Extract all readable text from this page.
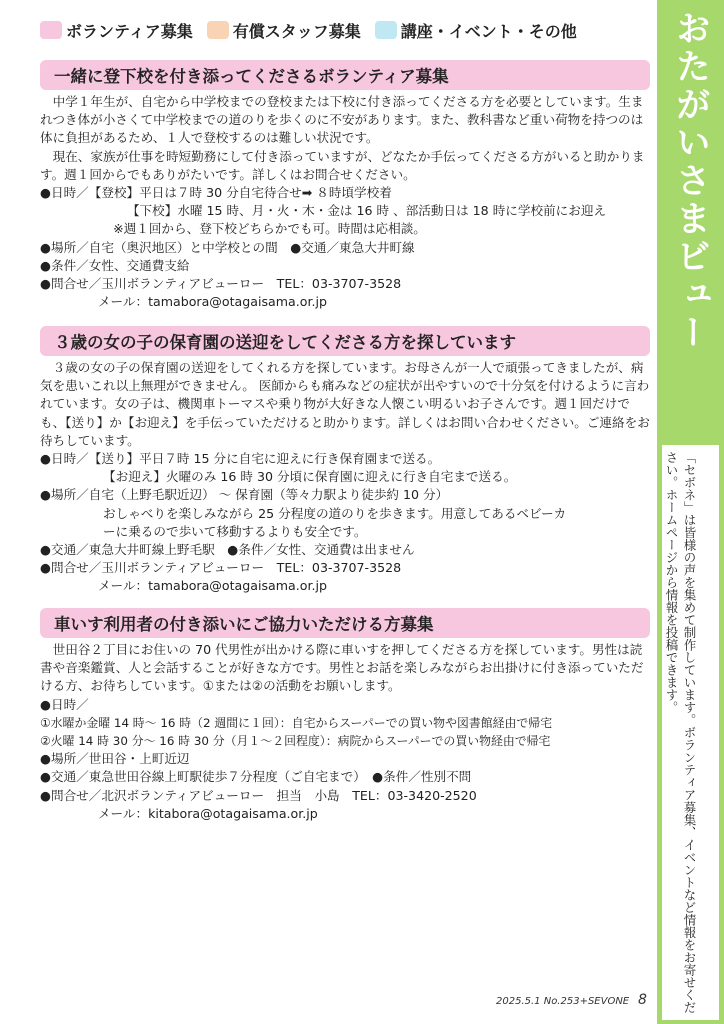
ボランティア募集	有償スタッフ募集	講座・イベント・その他	おたがいさまビュー
「セボネ」は皆様の声を集めて制作しています。ボランティア募集、イベントなど情報をお寄せください。ホームページから情報を投稿できます。
一緒に登下校を付き添ってくださるボランティア募集

中学１年生が、自宅から中学校までの登校または下校に付き添ってくださる方を必要としています。生まれつき体が小さくて中学校までの道のりを歩くのに不安があります。また、教科書など重い荷物を持つのは体に負担があるため、１人で登校するのは難しい状況です。

現在、家族が仕事を時短勤務にして付き添っていますが、どなたか手伝ってくださる方がいると助かります。週１回からでもありがたいです。詳しくはお問合せください。

●日時／【登校】平日は７時 30 分自宅待合せ➡ ８時頃学校着
【下校】水曜 15 時、月・火・木・金は 16 時 、部活動日は 18 時に学校前にお迎え
※週１回から、登下校どちらかでも可。時間は応相談。
●場所／自宅（奥沢地区）と中学校との間　●交通／東急大井町線
●条件／女性、交通費支給
●問合せ／玉川ボランティアビューロー　TEL：03-3707-3528
メール：tamabora@otagaisama.or.jp
３歳の女の子の保育園の送迎をしてくださる方を探しています

３歳の女の子の保育園の送迎をしてくれる方を探しています。お母さんが一人で頑張ってきましたが、病気を患いこれ以上無理ができません。 医師からも痛みなどの症状が出やすいので十分気を付けるように言われています。女の子は、機関車トーマスや乗り物が大好きな人懐こい明るいお子さんです。週１回だけでも、【送り】か【お迎え】を手伝っていただけると助かります。詳しくはお問い合わせください。ご連絡をお待ちしています。

●日時／【送り】平日７時 15 分に自宅に迎えに行き保育園まで送る。
【お迎え】火曜のみ 16 時 30 分頃に保育園に迎えに行き自宅まで送る。
●場所／自宅（上野毛駅近辺） ～ 保育園（等々力駅より徒歩約 10 分）
おしゃべりを楽しみながら 25 分程度の道のりを歩きます。用意してあるベビーカ
ーに乗るので歩いて移動するよりも安全です。
●交通／東急大井町線上野毛駅　●条件／女性、交通費は出ません
●問合せ／玉川ボランティアビューロー　TEL：03-3707-3528
メール：tamabora@otagaisama.or.jp
車いす利用者の付き添いにご協力いただける方募集

世田谷２丁目にお住いの 70 代男性が出かける際に車いすを押してくださる方を探しています。男性は読書や音楽鑑賞、人と会話することが好きな方です。男性とお話を楽しみながらお出掛けに付き添っていただける方、お待ちしています。①または②の活動をお願いします。

●日時／
①水曜か金曜 14 時～ 16 時（2 週間に１回）：自宅からスーパーでの買い物や図書館経由で帰宅
②火曜 14 時 30 分～ 16 時 30 分（月１～２回程度）：病院からスーパーでの買い物経由で帰宅
●場所／世田谷・上町近辺
●交通／東急世田谷線上町駅徒歩７分程度（ご自宅まで）　●条件／性別不問
●問合せ／北沢ボランティアビューロー　担当　小島　TEL：03-3420-2520
メール：kitabora@otagaisama.or.jp
2025.5.1 No.253+SEVONE 8
